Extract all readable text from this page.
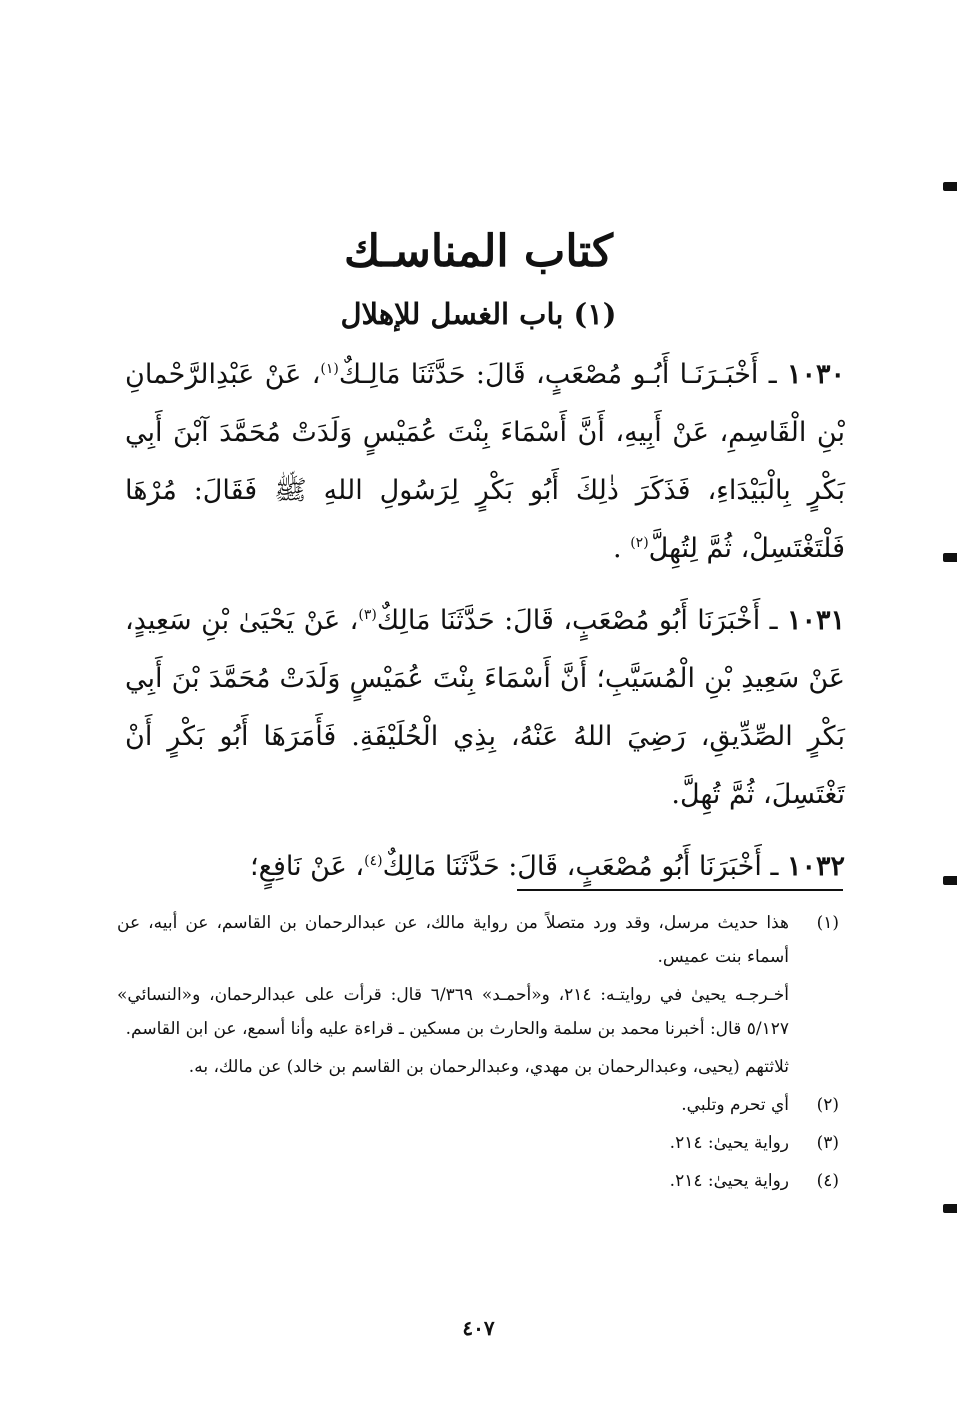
كتاب المناسـك
(١) باب الغسل للإهلال

١٠٣٠ ـ أَخْبَـرَنَـا أَبُـو مُصْعَبٍ، قَالَ: حَدَّثَنَا مَالِـكٌ$^{(١)}$، عَنْ عَبْدِالرَّحْمانِ بْنِ الْقَاسِمِ، عَنْ أَبِيهِ، أَنَّ أَسْمَاءَ بِنْتَ عُمَيْسٍ وَلَدَتْ مُحَمَّدَ آبْنَ أَبِي بَكْرٍ بِالْبَيْدَاءِ، فَذَكَرَ ذٰلِكَ أَبُو بَكْرٍ لِرَسُولِ اللهِ ﷺ فَقَالَ: مُرْهَا فَلْتَغْتَسِلْ، ثُمَّ لِتُهِلَّ$^{(٢)}$ .

١٠٣١ ـ أَخْبَرَنَا أَبُو مُصْعَبٍ، قَالَ: حَدَّثَنَا مَالِكٌ$^{(٣)}$، عَنْ يَحْيَىٰ بْنِ سَعِيدٍ، عَنْ سَعِيدِ بْنِ الْمُسَيَّبِ؛ أَنَّ أَسْمَاءَ بِنْتَ عُمَيْسٍ وَلَدَتْ مُحَمَّدَ بْنَ أَبِي بَكْرٍ الصِّدِّيقِ، رَضِيَ اللهُ عَنْهُ، بِذِي الْحُلَيْفَةِ. فَأَمَرَهَا أَبُو بَكْرٍ أَنْ تَغْتَسِلَ، ثُمَّ تُهِلَّ.

١٠٣٢ ـ أَخْبَرَنَا أَبُو مُصْعَبٍ، قَالَ: حَدَّثَنَا مَالِكٌ$^{(٤)}$، عَنْ نَافِعٍ؛

(١)

هذا حديث مرسل، وقد ورد متصلاً من رواية مالك، عن عبدالرحمان بن القاسم، عن أبيه، عن أسماء بنت عميس.

أخـرجـه يحيىٰ في روايتـه: ٢١٤، و«أحمـد» ٦/٣٦٩ قال: قرأت على عبدالرحمان، و«النسائي» ٥/١٢٧ قال: أخبرنا محمد بن سلمة والحارث بن مسكين ـ قراءة عليه وأنا أسمع، عن ابن القاسم.

ثلاثتهم (يحيى، وعبدالرحمان بن مهدي، وعبدالرحمان بن القاسم بن خالد) عن مالك، به.

(٢)

أي تحرم وتلبي.

(٣)

رواية يحيىٰ: ٢١٤.

(٤)

رواية يحيىٰ: ٢١٤.

٤٠٧
